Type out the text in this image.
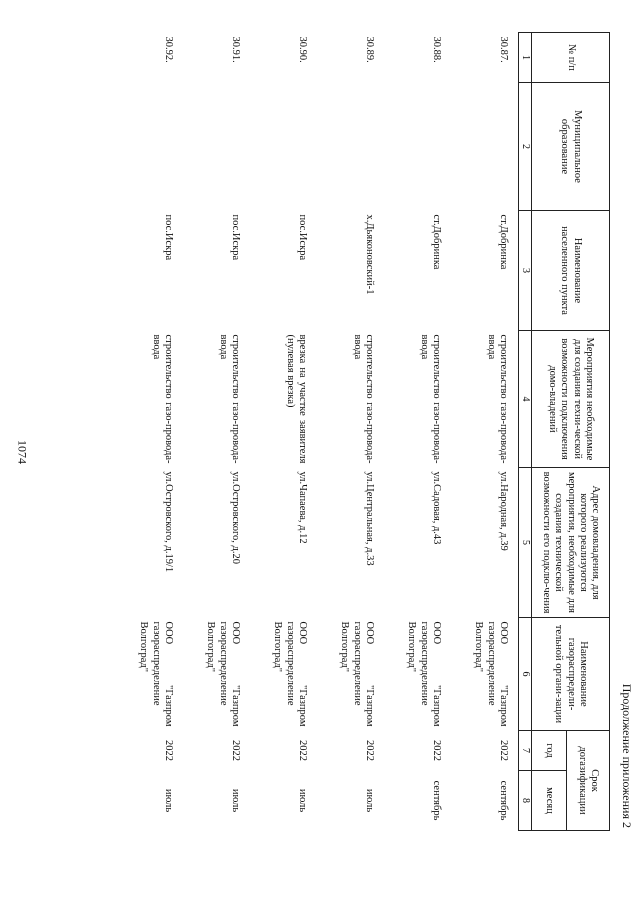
1074
Продолжение приложения 2
№ п/п	Муниципальное образование	Наименование населенного пункта	Мероприятия необходимые для создания техни-ческой возможности подключения домо-владений	Адрес домовладения, для которого реализуются мероприятия, необходимые для создания технической возможности его подклю-чения	Наименование газораспредели-тельной органи-зации	Срок догазификации	
						год	месяц
1	2	3	4	5	6	7	8
30.87.		ст.Добринка	строительство газо-провода-ввода	ул.Народная, д.39	ООО "Газпром газораспределение Волгоград"	2022	сентябрь
30.88.		ст.Добринка	строительство газо-провода-ввода	ул.Садовая, д.43	ООО "Газпром газораспределение Волгоград"	2022	сентябрь
30.89.		х.Дьяконовский-1	строительство газо-провода-ввода	ул.Центральная, д.33	ООО "Газпром газораспределение Волгоград"	2022	июль
30.90.		пос.Искра	врезка на участке заявителя (нулевая врезка)	ул.Чапаева, д.12	ООО "Газпром газораспределение Волгоград"	2022	июль
30.91.		пос.Искра	строительство газо-провода-ввода	ул.Островского, д.20	ООО "Газпром газораспределение Волгоград"	2022	июль
30.92.		пос.Искра	строительство газо-провода-ввода	ул.Островского, д.19/1	ООО "Газпром газораспределение Волгоград"	2022	июль
